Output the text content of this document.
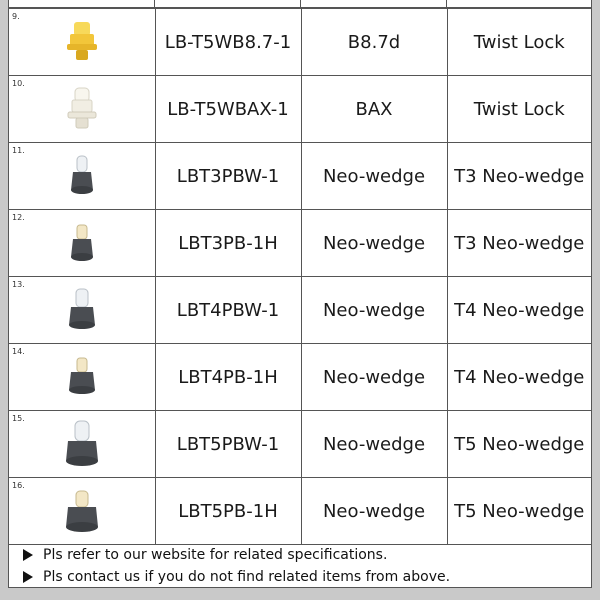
9.	LB-T5WB8.7-1	B8.7d	Twist Lock

10.	LB-T5WBAX-1	BAX	Twist Lock

11.	LBT3PBW-1	Neo-wedge	T3 Neo-wedge

12.	LBT3PB-1H	Neo-wedge	T3 Neo-wedge

13.	LBT4PBW-1	Neo-wedge	T4 Neo-wedge

14.	LBT4PB-1H	Neo-wedge	T4 Neo-wedge

15.	LBT5PBW-1	Neo-wedge	T5 Neo-wedge

16.	LBT5PB-1H	Neo-wedge	T5 Neo-wedge
Pls refer to our website for related specifications.
Pls contact us if you do not find related items from above.
